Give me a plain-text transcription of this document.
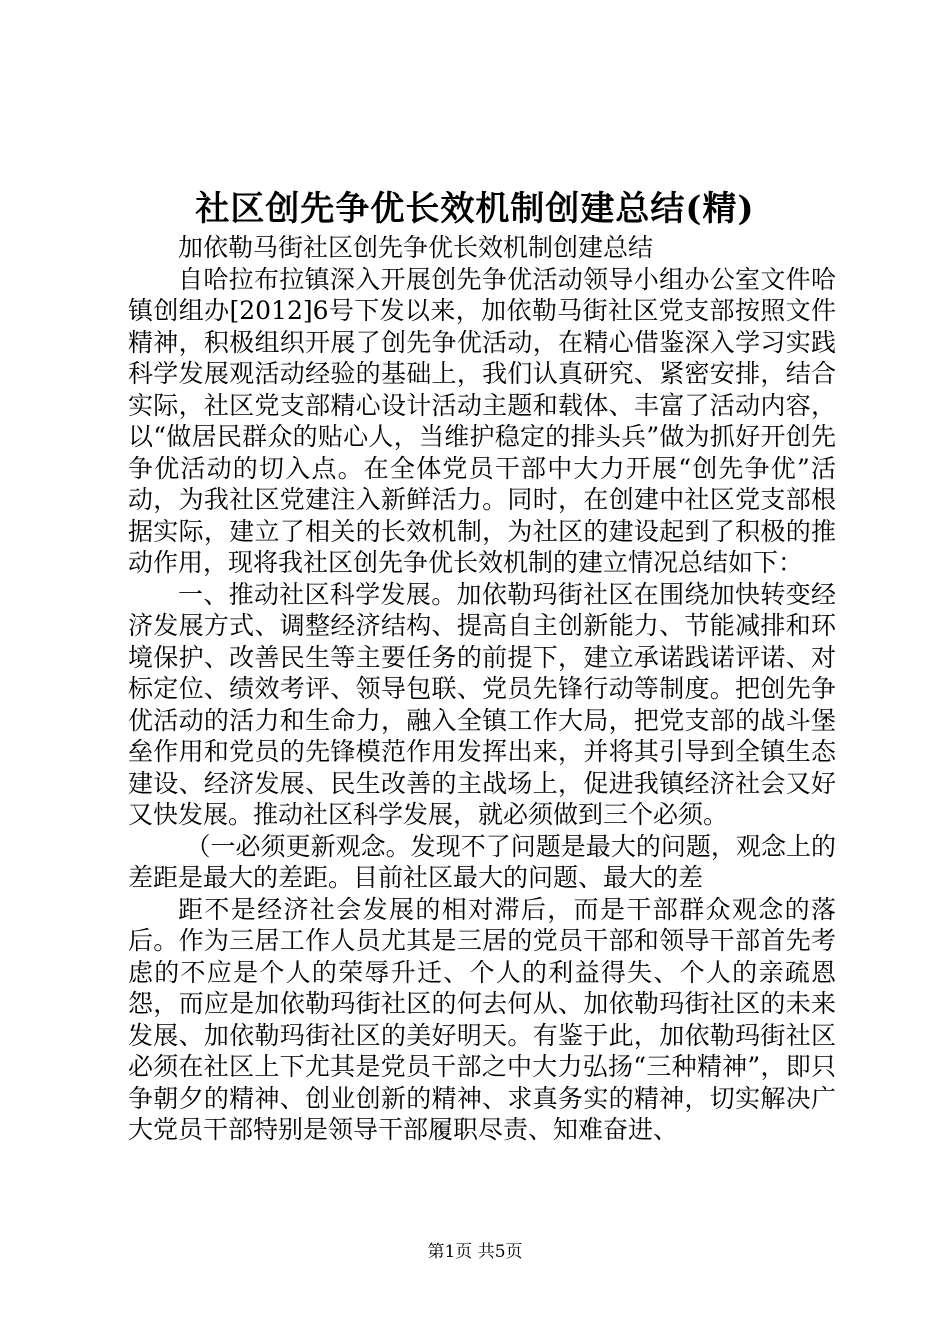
社区创先争优长效机制创建总结(精)

加依勒马街社区创先争优长效机制创建总结

自哈拉布拉镇深入开展创先争优活动领导小组办公室文件哈镇创组办[2012]6号下发以来，加依勒马街社区党支部按照文件精神，积极组织开展了创先争优活动，在精心借鉴深入学习实践科学发展观活动经验的基础上，我们认真研究、紧密安排，结合实际，社区党支部精心设计活动主题和载体、丰富了活动内容，以“做居民群众的贴心人，当维护稳定的排头兵”做为抓好开创先争优活动的切入点。在全体党员干部中大力开展“创先争优”活动，为我社区党建注入新鲜活力。同时，在创建中社区党支部根据实际，建立了相关的长效机制，为社区的建设起到了积极的推动作用，现将我社区创先争优长效机制的建立情况总结如下：

一、推动社区科学发展。加依勒玛街社区在围绕加快转变经济发展方式、调整经济结构、提高自主创新能力、节能减排和环境保护、改善民生等主要任务的前提下，建立承诺践诺评诺、对标定位、绩效考评、领导包联、党员先锋行动等制度。把创先争优活动的活力和生命力，融入全镇工作大局，把党支部的战斗堡垒作用和党员的先锋模范作用发挥出来，并将其引导到全镇生态建设、经济发展、民生改善的主战场上，促进我镇经济社会又好又快发展。推动社区科学发展，就必须做到三个必须。

（一必须更新观念。发现不了问题是最大的问题，观念上的差距是最大的差距。目前社区最大的问题、最大的差

距不是经济社会发展的相对滞后，而是干部群众观念的落后。作为三居工作人员尤其是三居的党员干部和领导干部首先考虑的不应是个人的荣辱升迁、个人的利益得失、个人的亲疏恩怨，而应是加依勒玛街社区的何去何从、加依勒玛街社区的未来发展、加依勒玛街社区的美好明天。有鉴于此，加依勒玛街社区必须在社区上下尤其是党员干部之中大力弘扬“三种精神”，即只争朝夕的精神、创业创新的精神、求真务实的精神，切实解决广大党员干部特别是领导干部履职尽责、知难奋进、

第1页 共5页
